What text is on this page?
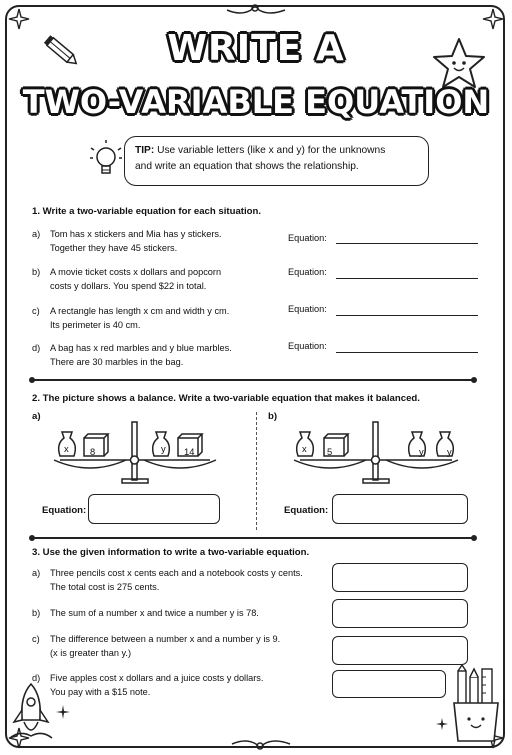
WRITE A
TWO-VARIABLE EQUATION
TIP: Use variable letters (like x and y) for the unknowns
and write an equation that shows the relationship.
1. Write a two-variable equation for each situation.
a) Tom has x stickers and Mia has y stickers.
Together they have 45 stickers.
Equation:
b) A movie ticket costs x dollars and popcorn
costs y dollars. You spend $22 in total.
Equation:
c) A rectangle has length x cm and width y cm.
Its perimeter is 40 cm.
Equation:
d) A bag has x red marbles and y blue marbles.
There are 30 marbles in the bag.
Equation:
2. The picture shows a balance. Write a two-variable equation that makes it balanced.
a)	b)
x 8	y 14	x 5	y y
Equation:	Equation:
3. Use the given information to write a two-variable equation.
a) Three pencils cost x cents each and a notebook costs y cents.
The total cost is 275 cents.
b) The sum of a number x and twice a number y is 78.
c) The difference between a number x and a number y is 9.
(x is greater than y.)
d) Five apples cost x dollars and a juice costs y dollars.
You pay with a $15 note.
